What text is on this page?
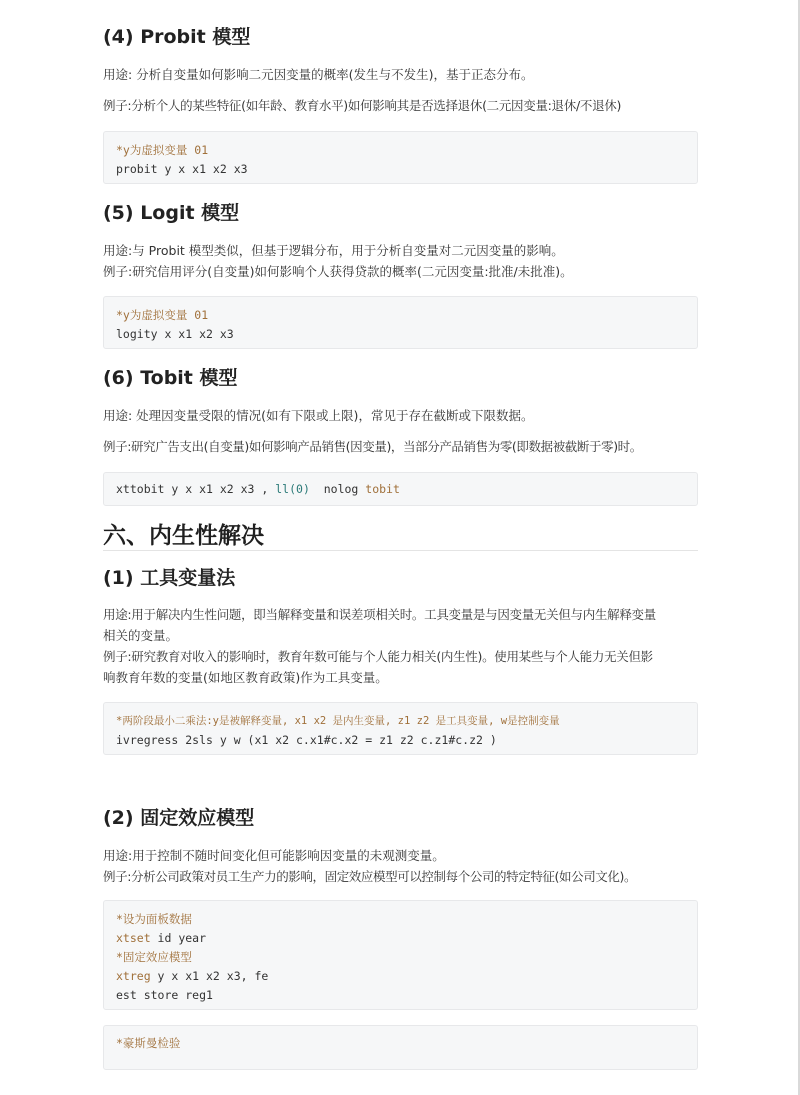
(4) Probit 模型

用途: 分析自变量如何影响二元因变量的概率(发生与不发生)，基于正态分布。

例子:分析个人的某些特征(如年龄、教育水平)如何影响其是否选择退休(二元因变量:退休/不退休)

*y为虚拟变量 01
probit y x x1 x2 x3
(5) Logit 模型

用途:与 Probit 模型类似，但基于逻辑分布，用于分析自变量对二元因变量的影响。

例子:研究信用评分(自变量)如何影响个人获得贷款的概率(二元因变量:批准/未批准)。

*y为虚拟变量 01
logity x x1 x2 x3
(6) Tobit 模型

用途: 处理因变量受限的情况(如有下限或上限)，常见于存在截断或下限数据。

例子:研究广告支出(自变量)如何影响产品销售(因变量)，当部分产品销售为零(即数据被截断于零)时。

xttobit y x x1 x2 x3 , ll(0)  nolog tobit
六、内生性解决
(1) 工具变量法

用途:用于解决内生性问题，即当解释变量和误差项相关时。工具变量是与因变量无关但与内生解释变量

相关的变量。

例子:研究教育对收入的影响时，教育年数可能与个人能力相关(内生性)。使用某些与个人能力无关但影

响教育年数的变量(如地区教育政策)作为工具变量。

*两阶段最小二乘法:y是被解释变量, x1 x2 是内生变量, z1 z2 是工具变量, w是控制变量
ivregress 2sls y w (x1 x2 c.x1#c.x2 = z1 z2 c.z1#c.z2 )
(2) 固定效应模型

用途:用于控制不随时间变化但可能影响因变量的未观测变量。

例子:分析公司政策对员工生产力的影响，固定效应模型可以控制每个公司的特定特征(如公司文化)。

*设为面板数据
xtset id year
*固定效应模型
xtreg y x x1 x2 x3, fe
est store reg1
*豪斯曼检验
